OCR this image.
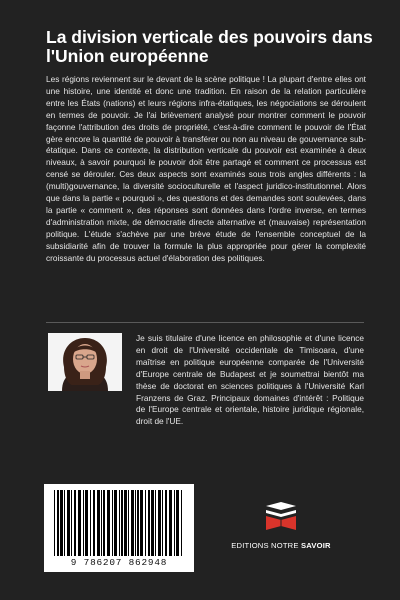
La division verticale des pouvoirs dans l'Union européenne

Les régions reviennent sur le devant de la scène politique ! La plupart d'entre elles ont une histoire, une identité et donc une tradition. En raison de la relation particulière entre les États (nations) et leurs régions infra-étatiques, les négociations se déroulent en termes de pouvoir. Je l'ai brièvement analysé pour montrer comment le pouvoir façonne l'attribution des droits de propriété, c'est-à-dire comment le pouvoir de l'État gère encore la quantité de pouvoir à transférer ou non au niveau de gouvernance sub-étatique. Dans ce contexte, la distribution verticale du pouvoir est examinée à deux niveaux, à savoir pourquoi le pouvoir doit être partagé et comment ce processus est censé se dérouler. Ces deux aspects sont examinés sous trois angles différents : la (multi)gouvernance, la diversité socioculturelle et l'aspect juridico-institutionnel. Alors que dans la partie « pourquoi », des questions et des demandes sont soulevées, dans la partie « comment », des réponses sont données dans l'ordre inverse, en termes d'administration mixte, de démocratie directe alternative et (mauvaise) représentation politique. L'étude s'achève par une brève étude de l'ensemble conceptuel de la subsidiarité afin de trouver la formule la plus appropriée pour gérer la complexité croissante du processus actuel d'élaboration des politiques.

Je suis titulaire d'une licence en philosophie et d'une licence en droit de l'Université occidentale de Timisoara, d'une maîtrise en politique européenne comparée de l'Université d'Europe centrale de Budapest et je soumettrai bientôt ma thèse de doctorat en sciences politiques à l'Université Karl Franzens de Graz. Principaux domaines d'intérêt : Politique de l'Europe centrale et orientale, histoire juridique régionale, droit de l'UE.

9 786207 862948
EDITIONS NOTRE SAVOIR
